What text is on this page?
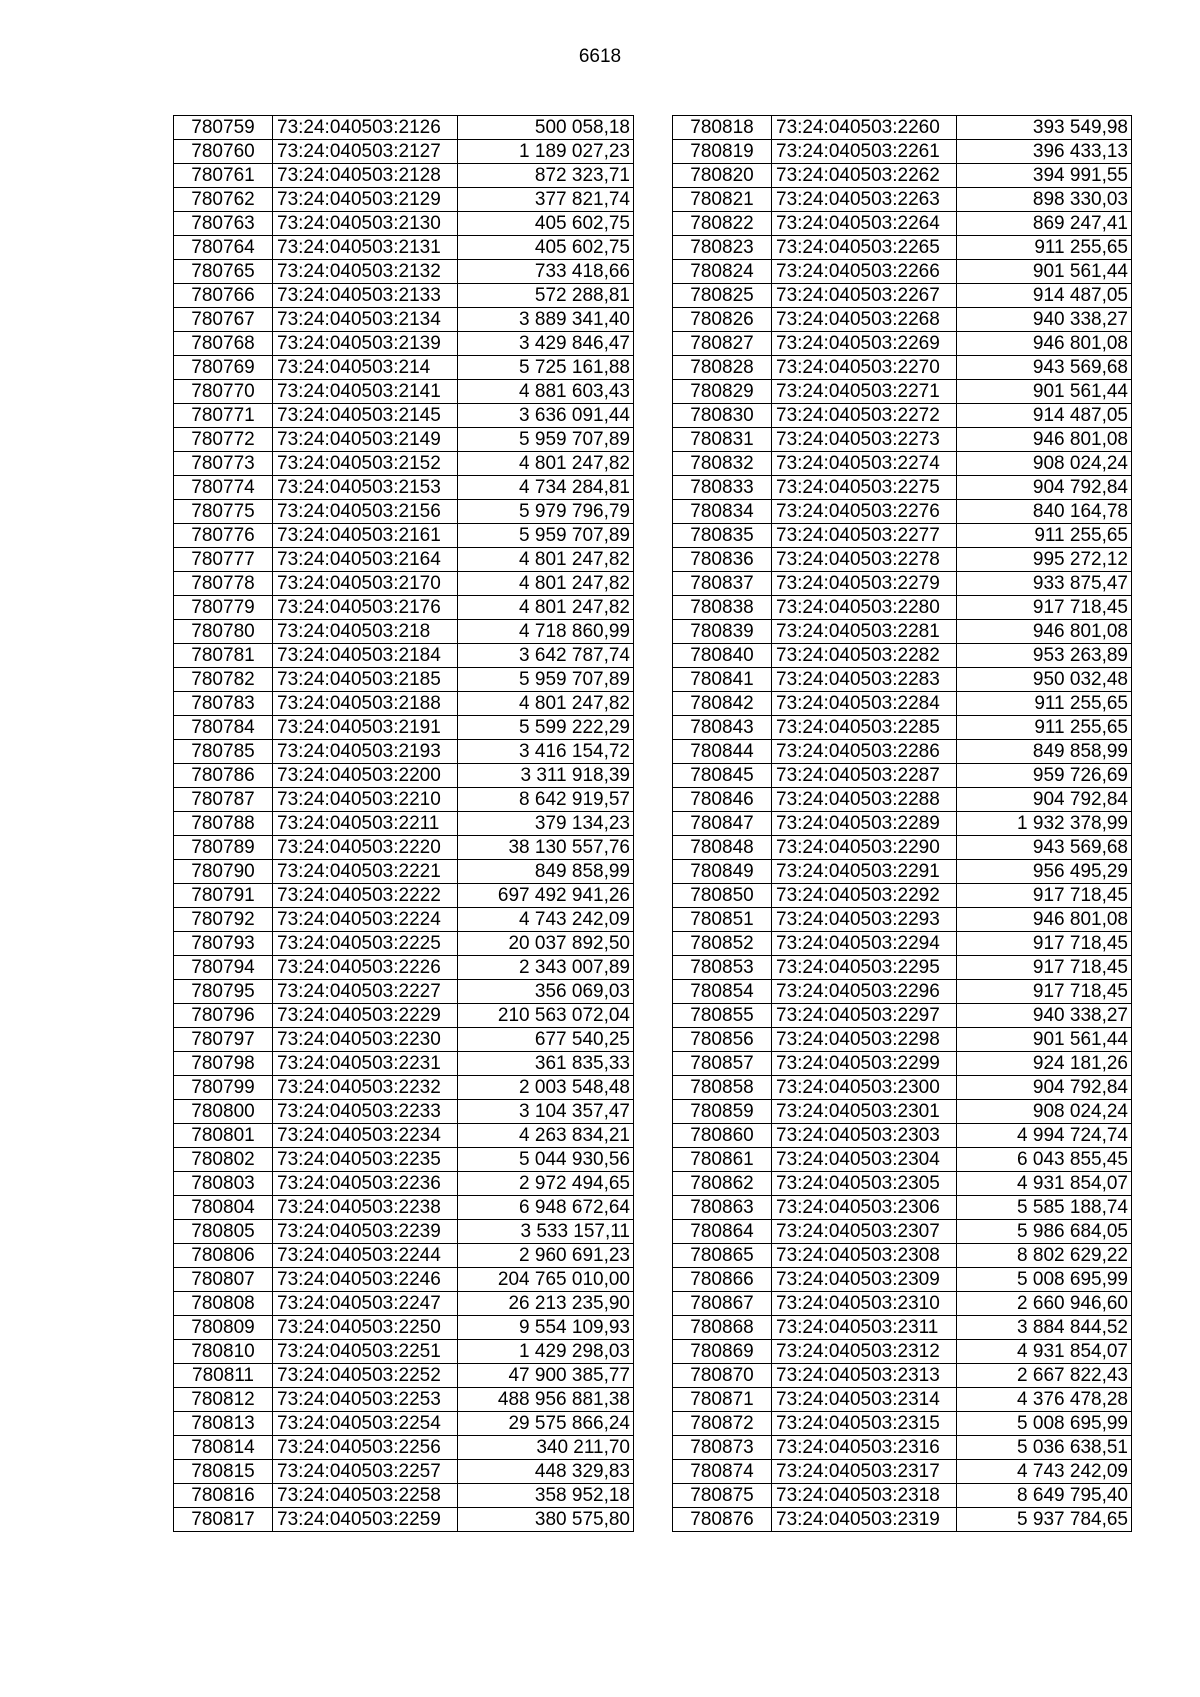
6618
780759	73:24:040503:2126	500 058,18
780760	73:24:040503:2127	1 189 027,23
780761	73:24:040503:2128	872 323,71
780762	73:24:040503:2129	377 821,74
780763	73:24:040503:2130	405 602,75
780764	73:24:040503:2131	405 602,75
780765	73:24:040503:2132	733 418,66
780766	73:24:040503:2133	572 288,81
780767	73:24:040503:2134	3 889 341,40
780768	73:24:040503:2139	3 429 846,47
780769	73:24:040503:214	5 725 161,88
780770	73:24:040503:2141	4 881 603,43
780771	73:24:040503:2145	3 636 091,44
780772	73:24:040503:2149	5 959 707,89
780773	73:24:040503:2152	4 801 247,82
780774	73:24:040503:2153	4 734 284,81
780775	73:24:040503:2156	5 979 796,79
780776	73:24:040503:2161	5 959 707,89
780777	73:24:040503:2164	4 801 247,82
780778	73:24:040503:2170	4 801 247,82
780779	73:24:040503:2176	4 801 247,82
780780	73:24:040503:218	4 718 860,99
780781	73:24:040503:2184	3 642 787,74
780782	73:24:040503:2185	5 959 707,89
780783	73:24:040503:2188	4 801 247,82
780784	73:24:040503:2191	5 599 222,29
780785	73:24:040503:2193	3 416 154,72
780786	73:24:040503:2200	3 311 918,39
780787	73:24:040503:2210	8 642 919,57
780788	73:24:040503:2211	379 134,23
780789	73:24:040503:2220	38 130 557,76
780790	73:24:040503:2221	849 858,99
780791	73:24:040503:2222	697 492 941,26
780792	73:24:040503:2224	4 743 242,09
780793	73:24:040503:2225	20 037 892,50
780794	73:24:040503:2226	2 343 007,89
780795	73:24:040503:2227	356 069,03
780796	73:24:040503:2229	210 563 072,04
780797	73:24:040503:2230	677 540,25
780798	73:24:040503:2231	361 835,33
780799	73:24:040503:2232	2 003 548,48
780800	73:24:040503:2233	3 104 357,47
780801	73:24:040503:2234	4 263 834,21
780802	73:24:040503:2235	5 044 930,56
780803	73:24:040503:2236	2 972 494,65
780804	73:24:040503:2238	6 948 672,64
780805	73:24:040503:2239	3 533 157,11
780806	73:24:040503:2244	2 960 691,23
780807	73:24:040503:2246	204 765 010,00
780808	73:24:040503:2247	26 213 235,90
780809	73:24:040503:2250	9 554 109,93
780810	73:24:040503:2251	1 429 298,03
780811	73:24:040503:2252	47 900 385,77
780812	73:24:040503:2253	488 956 881,38
780813	73:24:040503:2254	29 575 866,24
780814	73:24:040503:2256	340 211,70
780815	73:24:040503:2257	448 329,83
780816	73:24:040503:2258	358 952,18
780817	73:24:040503:2259	380 575,80
780818	73:24:040503:2260	393 549,98
780819	73:24:040503:2261	396 433,13
780820	73:24:040503:2262	394 991,55
780821	73:24:040503:2263	898 330,03
780822	73:24:040503:2264	869 247,41
780823	73:24:040503:2265	911 255,65
780824	73:24:040503:2266	901 561,44
780825	73:24:040503:2267	914 487,05
780826	73:24:040503:2268	940 338,27
780827	73:24:040503:2269	946 801,08
780828	73:24:040503:2270	943 569,68
780829	73:24:040503:2271	901 561,44
780830	73:24:040503:2272	914 487,05
780831	73:24:040503:2273	946 801,08
780832	73:24:040503:2274	908 024,24
780833	73:24:040503:2275	904 792,84
780834	73:24:040503:2276	840 164,78
780835	73:24:040503:2277	911 255,65
780836	73:24:040503:2278	995 272,12
780837	73:24:040503:2279	933 875,47
780838	73:24:040503:2280	917 718,45
780839	73:24:040503:2281	946 801,08
780840	73:24:040503:2282	953 263,89
780841	73:24:040503:2283	950 032,48
780842	73:24:040503:2284	911 255,65
780843	73:24:040503:2285	911 255,65
780844	73:24:040503:2286	849 858,99
780845	73:24:040503:2287	959 726,69
780846	73:24:040503:2288	904 792,84
780847	73:24:040503:2289	1 932 378,99
780848	73:24:040503:2290	943 569,68
780849	73:24:040503:2291	956 495,29
780850	73:24:040503:2292	917 718,45
780851	73:24:040503:2293	946 801,08
780852	73:24:040503:2294	917 718,45
780853	73:24:040503:2295	917 718,45
780854	73:24:040503:2296	917 718,45
780855	73:24:040503:2297	940 338,27
780856	73:24:040503:2298	901 561,44
780857	73:24:040503:2299	924 181,26
780858	73:24:040503:2300	904 792,84
780859	73:24:040503:2301	908 024,24
780860	73:24:040503:2303	4 994 724,74
780861	73:24:040503:2304	6 043 855,45
780862	73:24:040503:2305	4 931 854,07
780863	73:24:040503:2306	5 585 188,74
780864	73:24:040503:2307	5 986 684,05
780865	73:24:040503:2308	8 802 629,22
780866	73:24:040503:2309	5 008 695,99
780867	73:24:040503:2310	2 660 946,60
780868	73:24:040503:2311	3 884 844,52
780869	73:24:040503:2312	4 931 854,07
780870	73:24:040503:2313	2 667 822,43
780871	73:24:040503:2314	4 376 478,28
780872	73:24:040503:2315	5 008 695,99
780873	73:24:040503:2316	5 036 638,51
780874	73:24:040503:2317	4 743 242,09
780875	73:24:040503:2318	8 649 795,40
780876	73:24:040503:2319	5 937 784,65
